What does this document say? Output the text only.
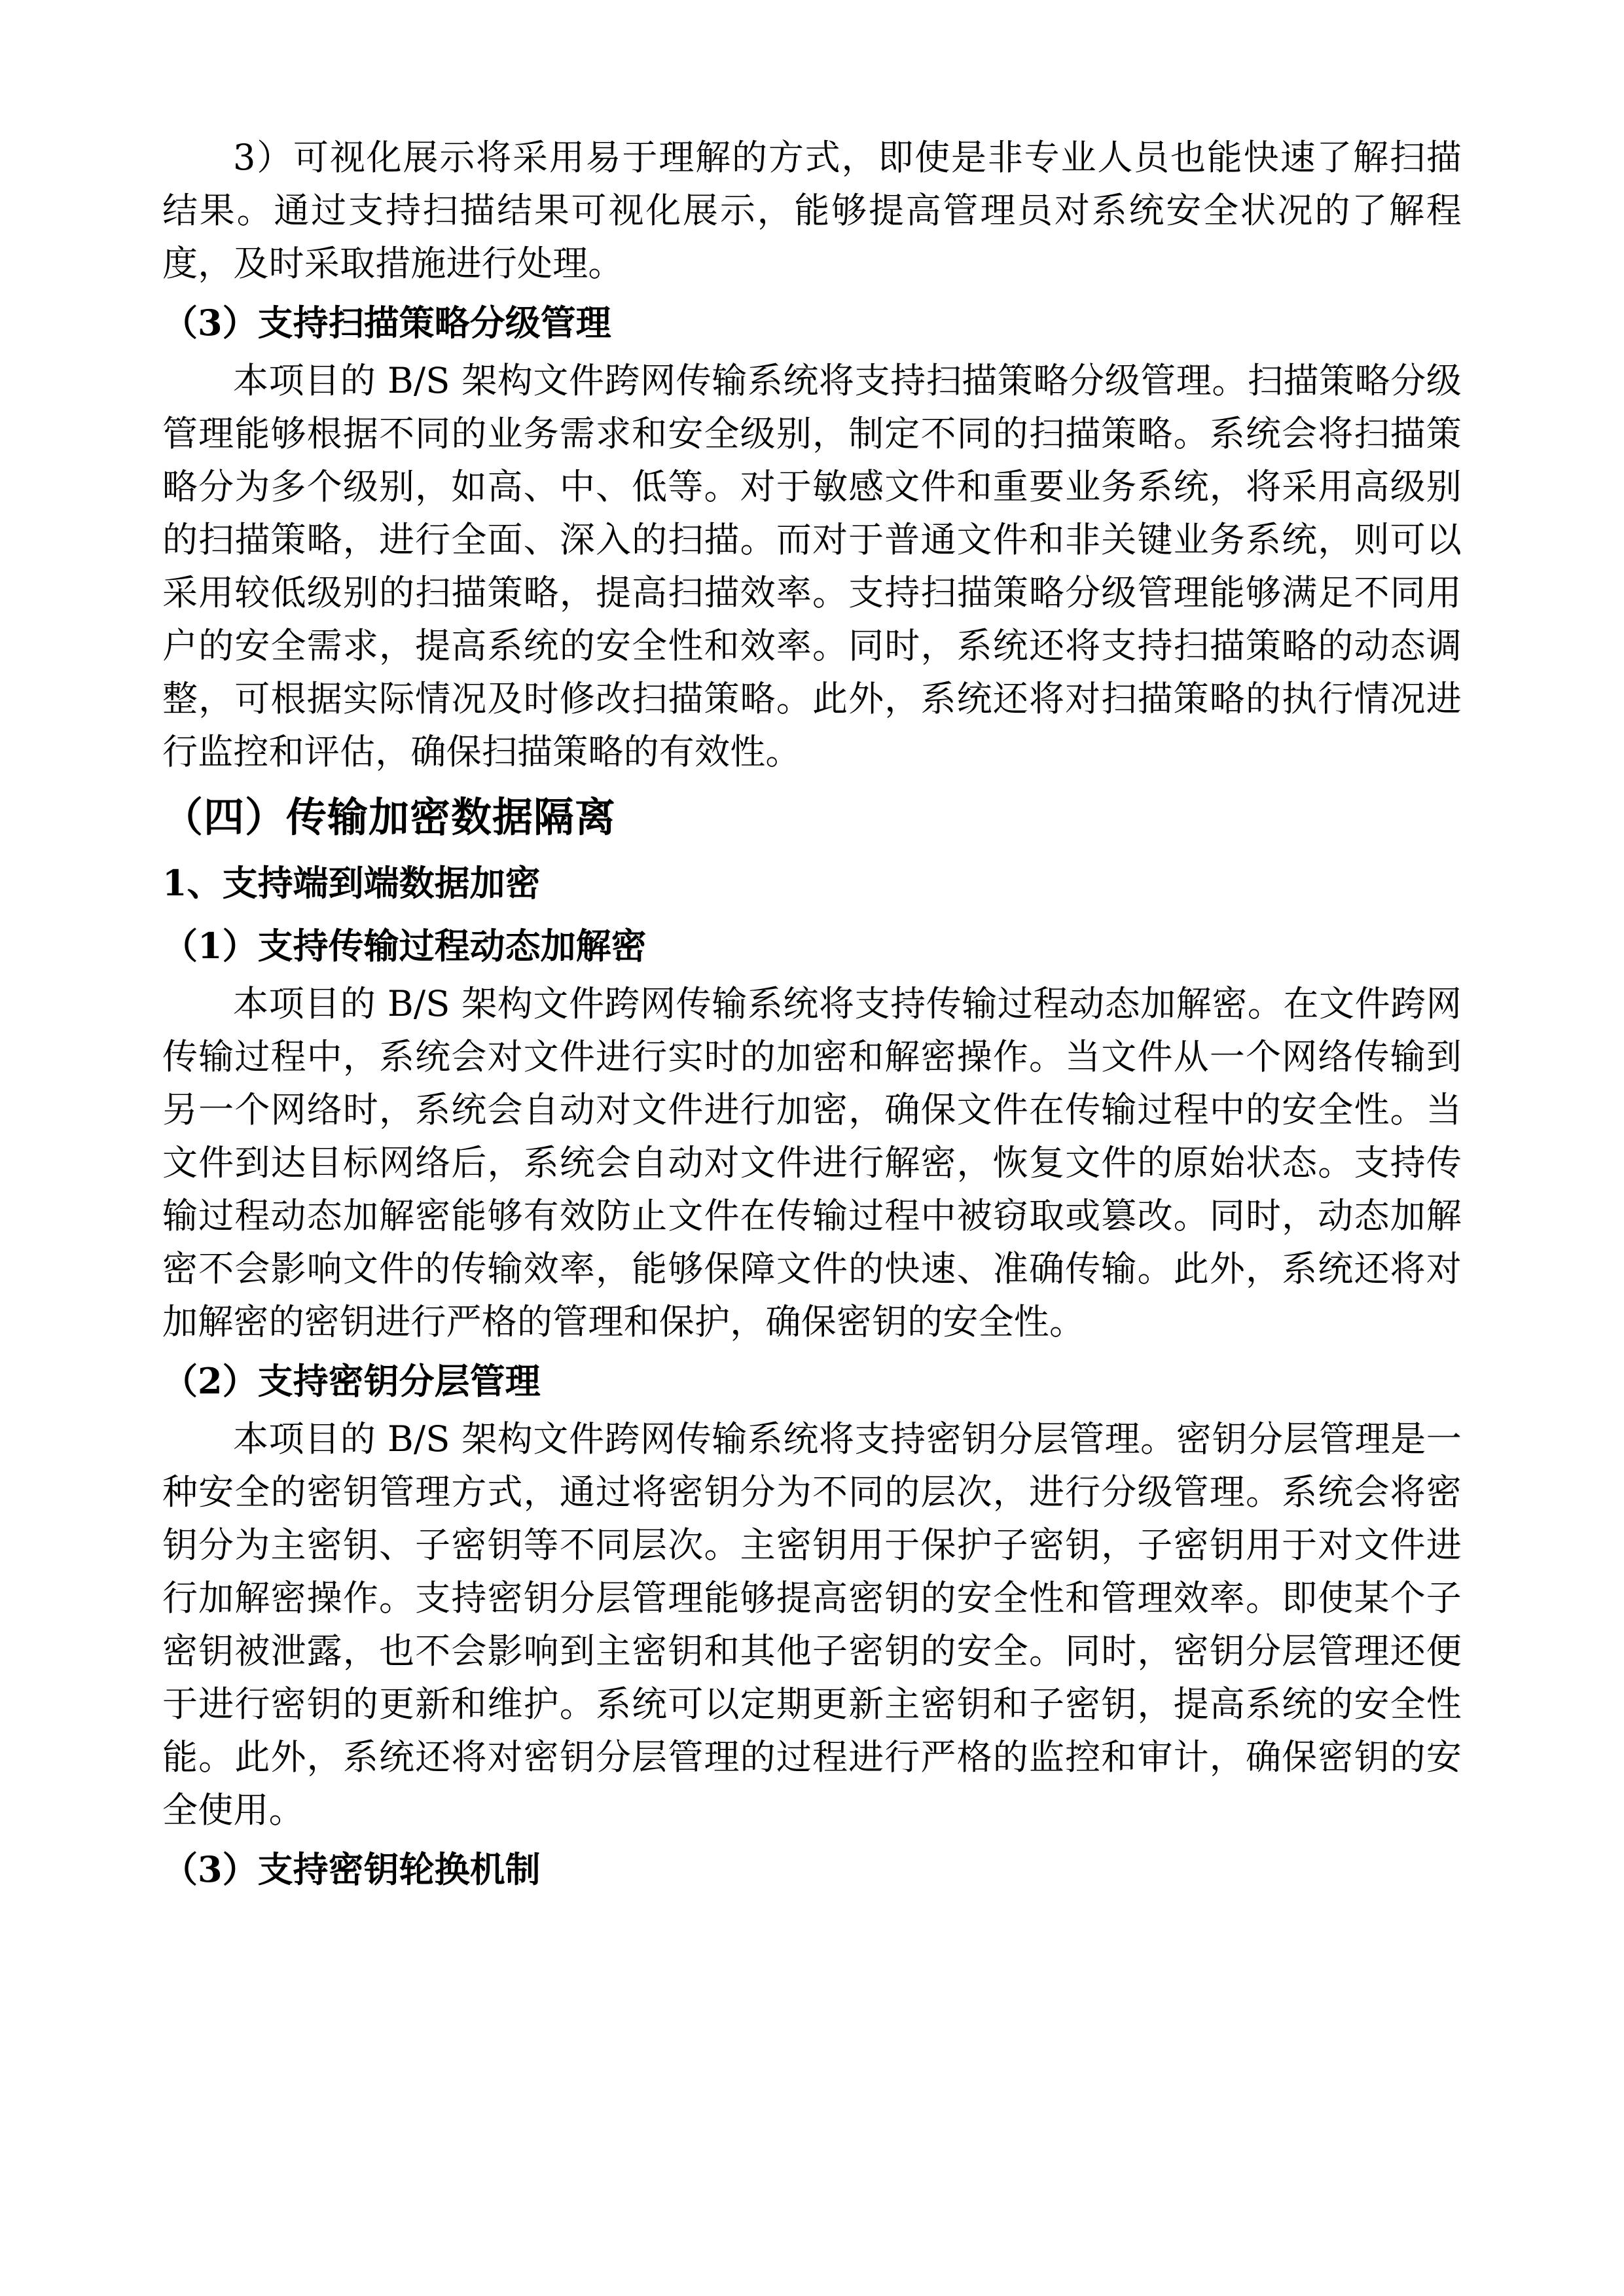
3）可视化展示将采用易于理解的方式，即使是非专业人员也能快速了解扫描结果。通过支持扫描结果可视化展示，能够提高管理员对系统安全状况的了解程度，及时采取措施进行处理。

（3）支持扫描策略分级管理

本项目的 B/S 架构文件跨网传输系统将支持扫描策略分级管理。扫描策略分级管理能够根据不同的业务需求和安全级别，制定不同的扫描策略。系统会将扫描策略分为多个级别，如高、中、低等。对于敏感文件和重要业务系统，将采用高级别的扫描策略，进行全面、深入的扫描。而对于普通文件和非关键业务系统，则可以采用较低级别的扫描策略，提高扫描效率。支持扫描策略分级管理能够满足不同用户的安全需求，提高系统的安全性和效率。同时，系统还将支持扫描策略的动态调整，可根据实际情况及时修改扫描策略。此外，系统还将对扫描策略的执行情况进行监控和评估，确保扫描策略的有效性。

（四）传输加密数据隔离

1、支持端到端数据加密

（1）支持传输过程动态加解密

本项目的 B/S 架构文件跨网传输系统将支持传输过程动态加解密。在文件跨网传输过程中，系统会对文件进行实时的加密和解密操作。当文件从一个网络传输到另一个网络时，系统会自动对文件进行加密，确保文件在传输过程中的安全性。当文件到达目标网络后，系统会自动对文件进行解密，恢复文件的原始状态。支持传输过程动态加解密能够有效防止文件在传输过程中被窃取或篡改。同时，动态加解密不会影响文件的传输效率，能够保障文件的快速、准确传输。此外，系统还将对加解密的密钥进行严格的管理和保护，确保密钥的安全性。

（2）支持密钥分层管理

本项目的 B/S 架构文件跨网传输系统将支持密钥分层管理。密钥分层管理是一种安全的密钥管理方式，通过将密钥分为不同的层次，进行分级管理。系统会将密钥分为主密钥、子密钥等不同层次。主密钥用于保护子密钥，子密钥用于对文件进行加解密操作。支持密钥分层管理能够提高密钥的安全性和管理效率。即使某个子密钥被泄露，也不会影响到主密钥和其他子密钥的安全。同时，密钥分层管理还便于进行密钥的更新和维护。系统可以定期更新主密钥和子密钥，提高系统的安全性能。此外，系统还将对密钥分层管理的过程进行严格的监控和审计，确保密钥的安全使用。

（3）支持密钥轮换机制
